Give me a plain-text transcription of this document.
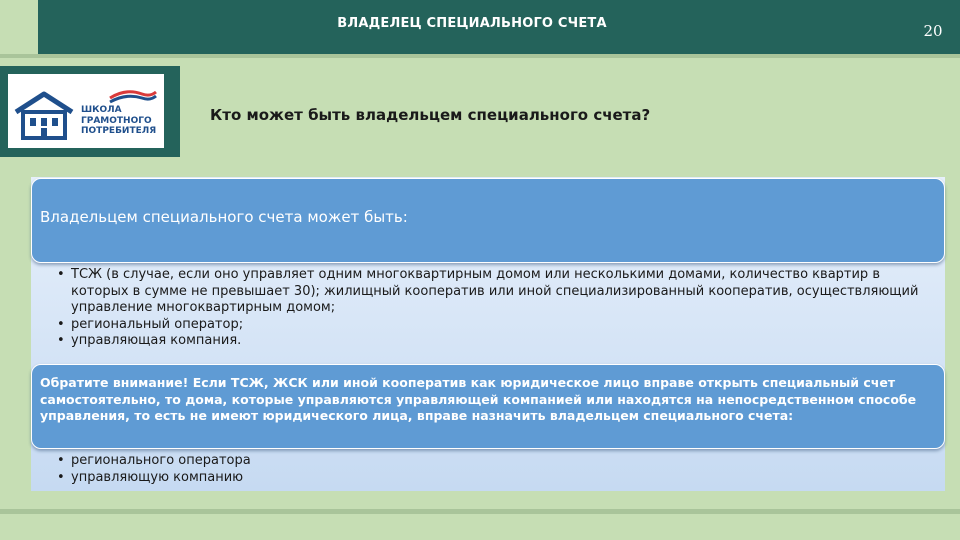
ВЛАДЕЛЕЦ СПЕЦИАЛЬНОГО СЧЕТА	20
ШКОЛА
ГРАМОТНОГО
ПОТРЕБИТЕЛЯ
Кто может быть владельцем специального счета?
Владельцем специального счета может быть:
• ТСЖ (в случае, если оно управляет одним многоквартирным домом или несколькими домами, количество квартир в которых в сумме не превышает 30); жилищный кооператив или иной специализированный кооператив, осуществляющий управление многоквартирным домом;
• региональный оператор;
• управляющая компания.
Обратите внимание! Если ТСЖ, ЖСК или иной кооператив как юридическое лицо вправе открыть специальный счет самостоятельно, то дома, которые управляются управляющей компанией или находятся на непосредственном способе управления, то есть не имеют юридического лица, вправе назначить владельцем специального счета:
• регионального оператора
• управляющую компанию
